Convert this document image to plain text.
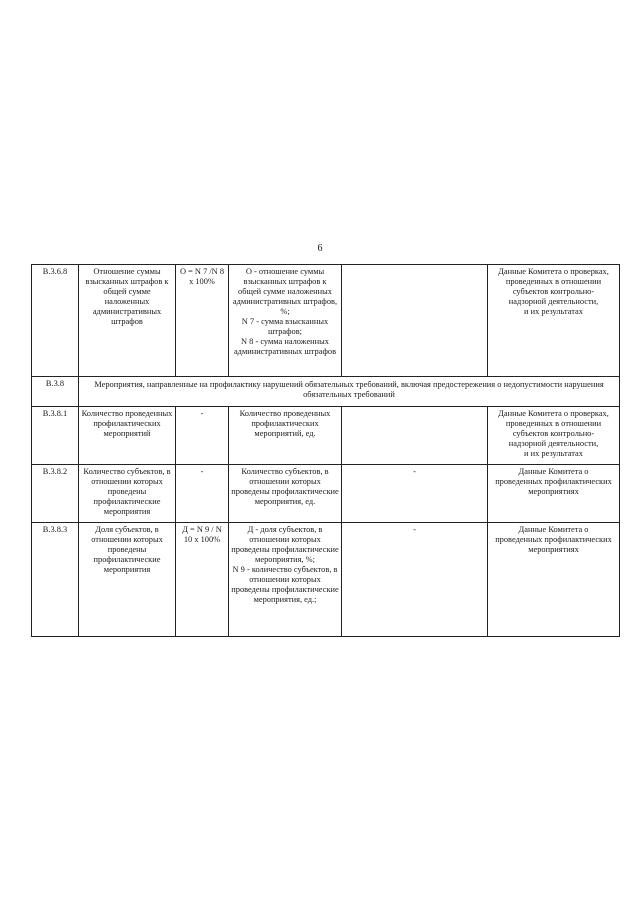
6
В.3.6.8	Отношение суммы взысканных штрафов к общей сумме наложенных административных штрафов	О = N 7 /N 8 x 100%	О - отношение суммы взысканных штрафов к общей сумме наложенных административных штрафов, %;
N 7 - сумма взысканных штрафов;
N 8 - сумма наложенных административных штрафов		Данные Комитета о проверках,
проведенных в отношении
субъектов контрольно-
надзорной деятельности,
и их результатах

В.3.8	Мероприятия, направленные на профилактику нарушений обязательных требований, включая предостережения о недопустимости нарушения обязательных требований				
В.3.8.1	Количество проведенных профилактических мероприятий	-	Количество проведенных профилактических мероприятий, ед.		Данные Комитета о проверках,
проведенных в отношении
субъектов контрольно-
надзорной деятельности,
и их результатах

В.3.8.2	Количество субъектов, в отношении которых проведены профилактические мероприятия	-	Количество субъектов, в отношении которых проведены профилактические мероприятия, ед.	-	Данные Комитета о
проведенных профилактических
мероприятиях

В.3.8.3	Доля субъектов, в отношении которых проведены профилактические мероприятия	Д = N 9 / N 10 x 100%	Д - доля субъектов, в отношении которых проведены профилактические мероприятия, %;
N 9 - количество субъектов, в отношении которых проведены профилактические мероприятия, ед.;	-	Данные Комитета о
проведенных профилактических
мероприятиях
